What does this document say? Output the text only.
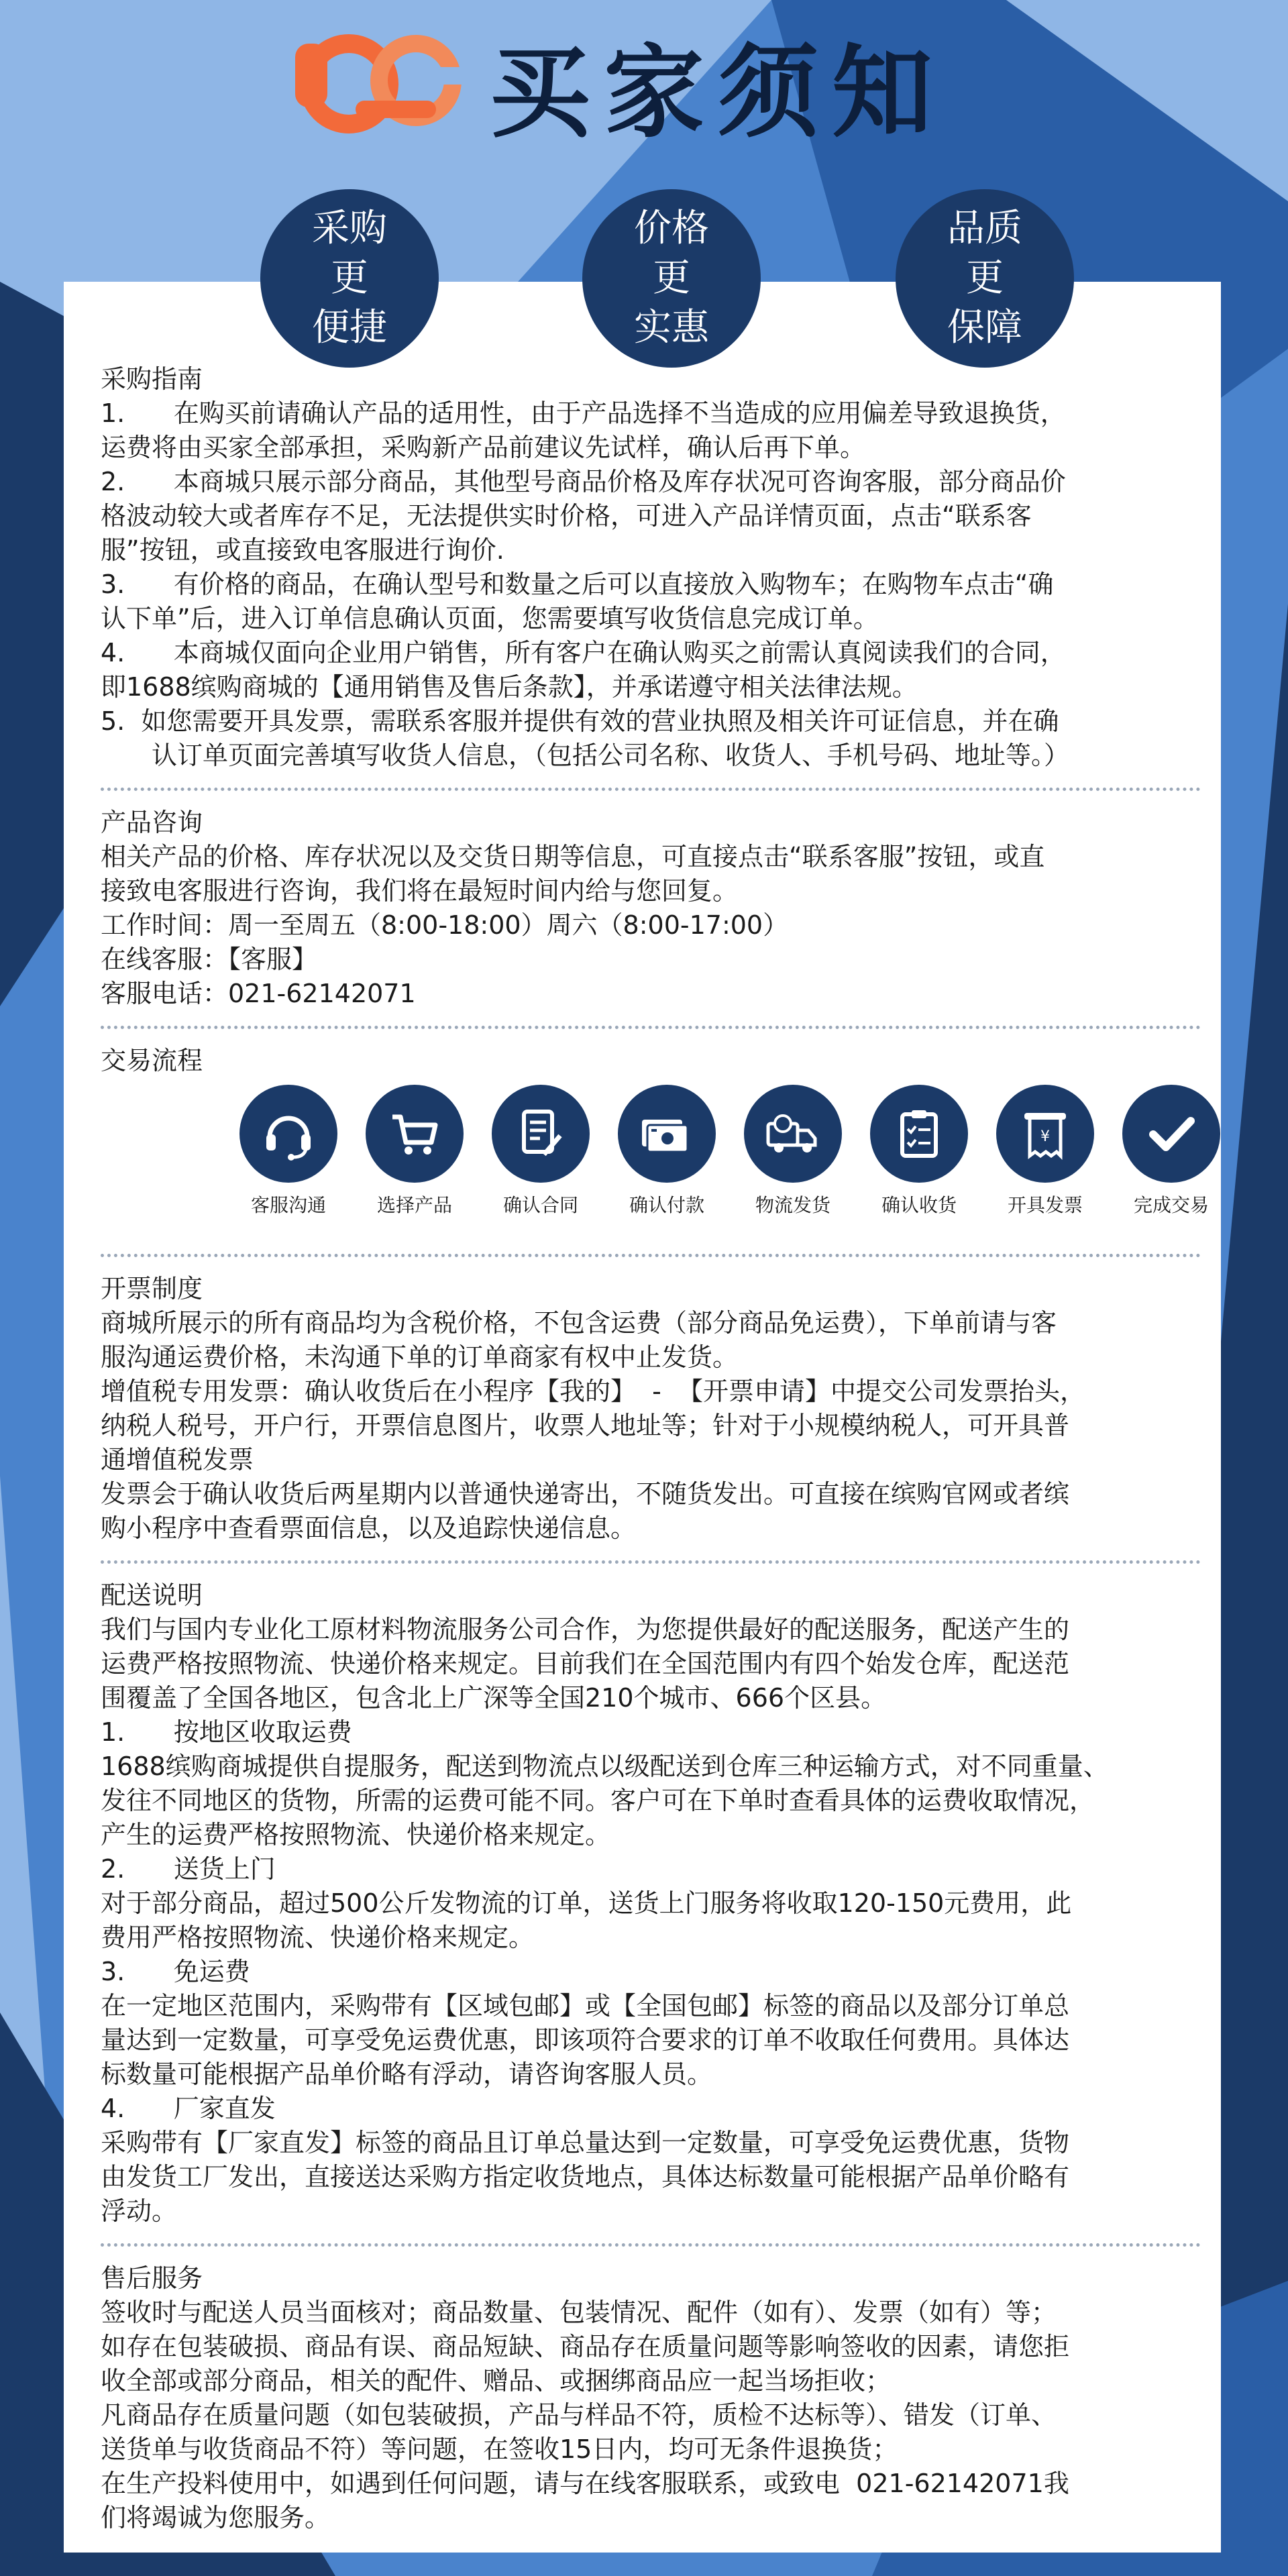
买家须知
采购
更
便捷
价格
更
实惠
品质
更
保障

采购指南

1.      在购买前请确认产品的适用性，由于产品选择不当造成的应用偏差导致退换货，

运费将由买家全部承担，采购新产品前建议先试样，确认后再下单。

2.      本商城只展示部分商品，其他型号商品价格及库存状况可咨询客服，部分商品价

格波动较大或者库存不足，无法提供实时价格，可进入产品详情页面，点击“联系客

服”按钮，或直接致电客服进行询价.

3.      有价格的商品，在确认型号和数量之后可以直接放入购物车；在购物车点击“确

认下单”后，进入订单信息确认页面，您需要填写收货信息完成订单。

4.      本商城仅面向企业用户销售，所有客户在确认购买之前需认真阅读我们的合同，

即1688缤购商城的【通用销售及售后条款】，并承诺遵守相关法律法规。

5.  如您需要开具发票，需联系客服并提供有效的营业执照及相关许可证信息，并在确

认订单页面完善填写收货人信息，（包括公司名称、收货人、手机号码、地址等。）

产品咨询

相关产品的价格、库存状况以及交货日期等信息，可直接点击“联系客服”按钮，或直

接致电客服进行咨询，我们将在最短时间内给与您回复。

工作时间：周一至周五（8:00-18:00）周六（8:00-17:00）

在线客服：【客服】

客服电话：021-62142071

交易流程

客服沟通	选择产品	确认合同	确认付款	物流发货	确认收货
¥
开具发票	完成交易

开票制度

商城所展示的所有商品均为含税价格，不包含运费（部分商品免运费），下单前请与客

服沟通运费价格，未沟通下单的订单商家有权中止发货。

增值税专用发票：确认收货后在小程序【我的】  -  【开票申请】中提交公司发票抬头，

纳税人税号，开户行，开票信息图片，收票人地址等；针对于小规模纳税人，可开具普

通增值税发票

发票会于确认收货后两星期内以普通快递寄出，不随货发出。可直接在缤购官网或者缤

购小程序中查看票面信息，以及追踪快递信息。

配送说明

我们与国内专业化工原材料物流服务公司合作，为您提供最好的配送服务，配送产生的

运费严格按照物流、快递价格来规定。目前我们在全国范围内有四个始发仓库，配送范

围覆盖了全国各地区，包含北上广深等全国210个城市、666个区县。

1.      按地区收取运费

1688缤购商城提供自提服务，配送到物流点以级配送到仓库三种运输方式，对不同重量、

发往不同地区的货物，所需的运费可能不同。客户可在下单时查看具体的运费收取情况，

产生的运费严格按照物流、快递价格来规定。

2.      送货上门

对于部分商品，超过500公斤发物流的订单，送货上门服务将收取120-150元费用，此

费用严格按照物流、快递价格来规定。

3.      免运费

在一定地区范围内，采购带有【区域包邮】或【全国包邮】标签的商品以及部分订单总

量达到一定数量，可享受免运费优惠，即该项符合要求的订单不收取任何费用。具体达

标数量可能根据产品单价略有浮动，请咨询客服人员。

4.      厂家直发

采购带有【厂家直发】标签的商品且订单总量达到一定数量，可享受免运费优惠，货物

由发货工厂发出，直接送达采购方指定收货地点，具体达标数量可能根据产品单价略有

浮动。

售后服务

签收时与配送人员当面核对；商品数量、包装情况、配件（如有）、发票（如有）等；

如存在包装破损、商品有误、商品短缺、商品存在质量问题等影响签收的因素，请您拒

收全部或部分商品，相关的配件、赠品、或捆绑商品应一起当场拒收；

凡商品存在质量问题（如包装破损，产品与样品不符，质检不达标等）、错发（订单、

送货单与收货商品不符）等问题，在签收15日内，均可无条件退换货；

在生产投料使用中，如遇到任何问题，请与在线客服联系，或致电  021-62142071我

们将竭诚为您服务。
